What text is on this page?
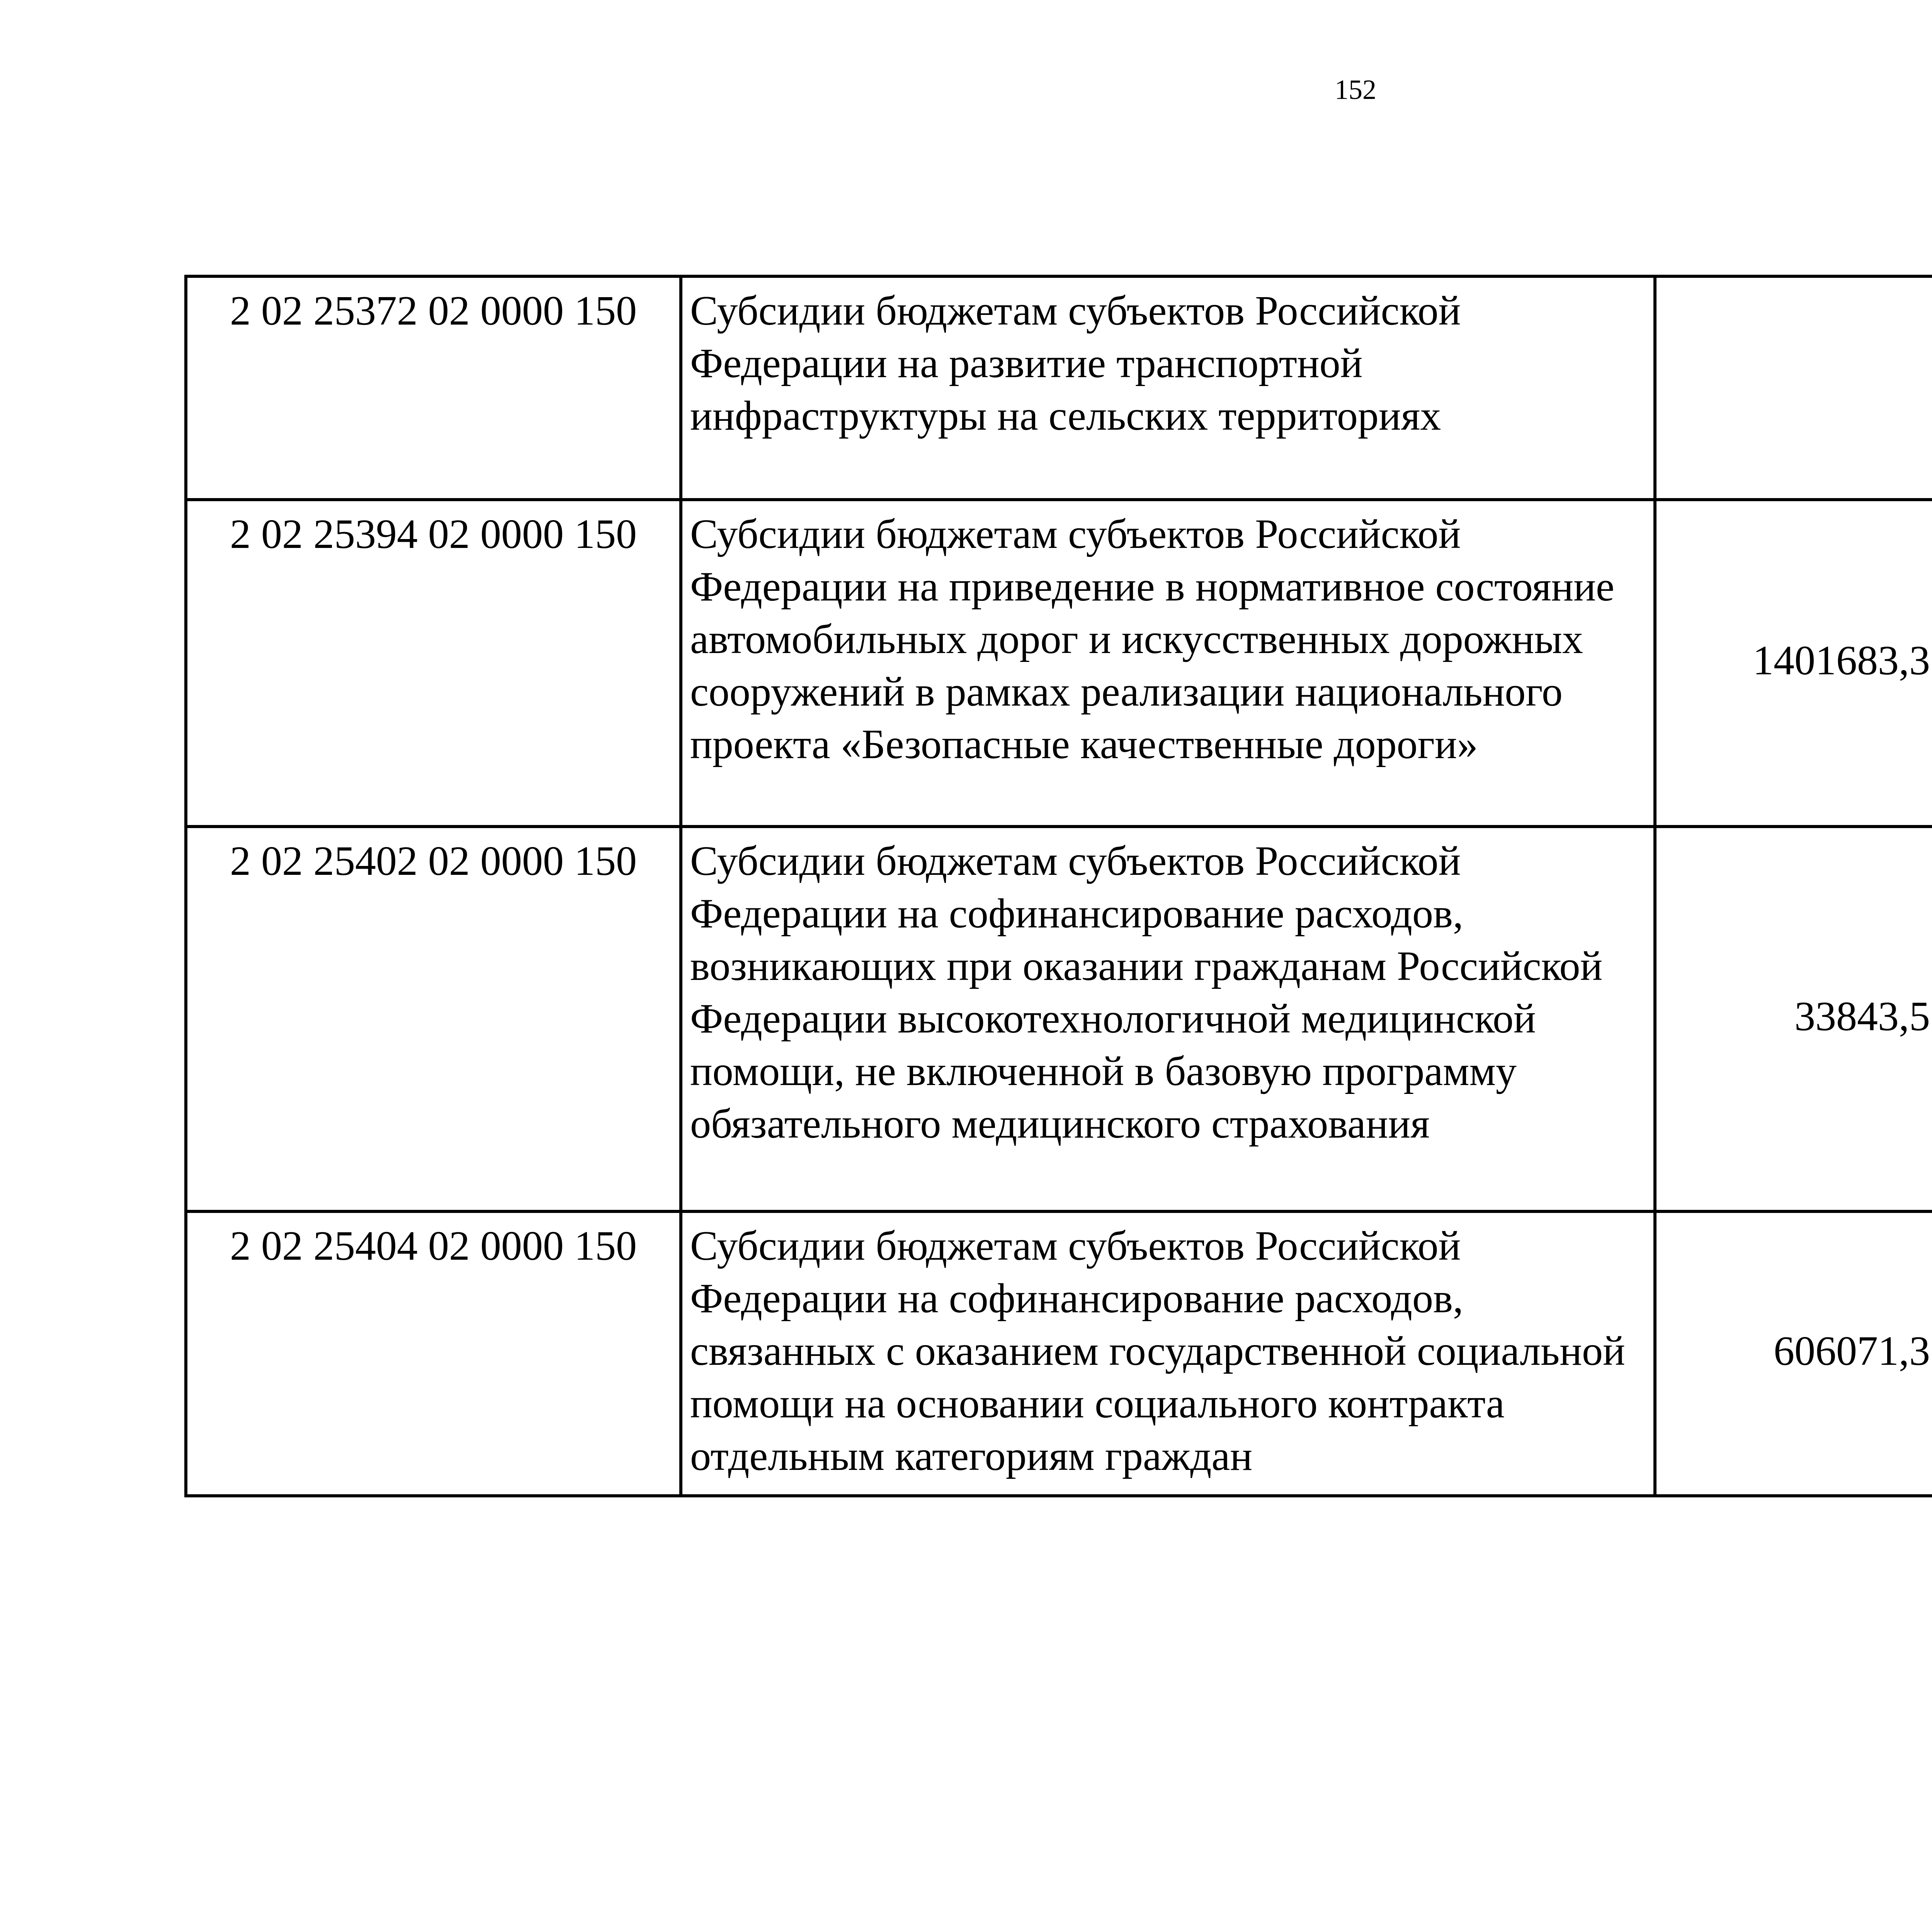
152
2 02 25372 02 0000 150	Субсидии бюджетам субъектов Российской Федерации на развитие транспортной инфраструктуры на сельских территориях			
2 02 25394 02 0000 150	Субсидии бюджетам субъектов Российской Федерации на приведение в нормативное состояние автомобильных дорог и искусственных дорожных сооружений в рамках реализации национального проекта «Безопасные качественные дороги»	1401683,3		
2 02 25402 02 0000 150	Субсидии бюджетам субъектов Российской Федерации на софинансирование расходов, возникающих при оказании гражданам Российской Федерации высокотехнологичной медицинской помощи, не включенной в базовую программу обязательного медицинского страхования	33843,5		
2 02 25404 02 0000 150	Субсидии бюджетам субъектов Российской Федерации на софинансирование расходов, связанных с оказанием государственной социальной помощи на основании социального контракта отдельным категориям граждан	606071,3		
